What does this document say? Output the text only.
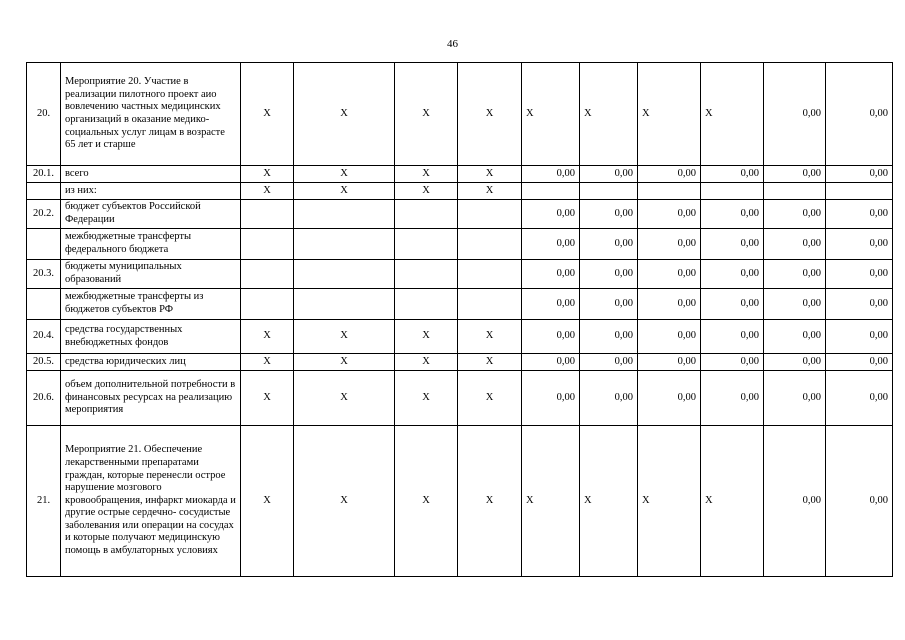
46
20.	Мероприятие 20. Участие в реализации пилотного проект аио вовлечению частных медицинских организаций в оказание медико- социальных услуг лицам в возрасте 65 лет и старше	X	X	X	X	X	X	X	X	0,00	0,00
20.1.	всего	X	X	X	X	0,00	0,00	0,00	0,00	0,00	0,00
	из них:	X	X	X	X						
20.2.	бюджет субъектов Российской Федерации					0,00	0,00	0,00	0,00	0,00	0,00
	межбюджетные трансферты федерального бюджета					0,00	0,00	0,00	0,00	0,00	0,00
20.3.	бюджеты муниципальных образований					0,00	0,00	0,00	0,00	0,00	0,00
	межбюджетные трансферты из бюджетов субъектов РФ					0,00	0,00	0,00	0,00	0,00	0,00
20.4.	средства государственных внебюджетных фондов	X	X	X	X	0,00	0,00	0,00	0,00	0,00	0,00
20.5.	средства юридических лиц	X	X	X	X	0,00	0,00	0,00	0,00	0,00	0,00
20.6.	объем дополнительной потребности в финансовых ресурсах на реализацию мероприятия	X	X	X	X	0,00	0,00	0,00	0,00	0,00	0,00
21.	Мероприятие 21. Обеспечение лекарственными препаратами граждан, которые перенесли острое нарушение мозгового кровообращения, инфаркт миокарда и другие острые сердечно- сосудистые заболевания или операции на сосудах и которые получают медицинскую помощь в амбулаторных условиях	X	X	X	X	X	X	X	X	0,00	0,00
